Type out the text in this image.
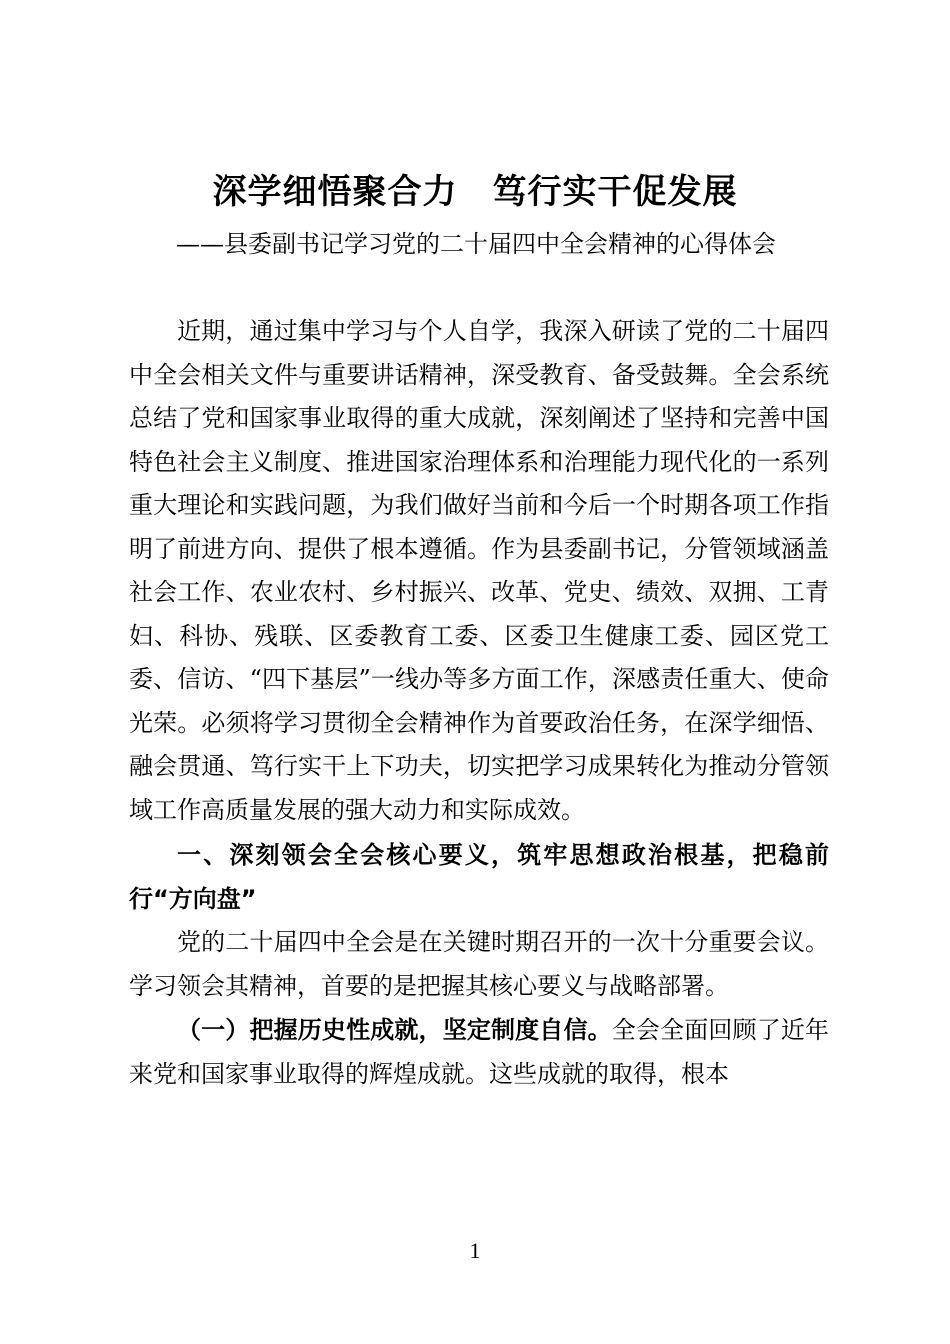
深学细悟聚合力　笃行实干促发展
——县委副书记学习党的二十届四中全会精神的心得体会

近期，通过集中学习与个人自学，我深入研读了党的二十届四中全会相关文件与重要讲话精神，深受教育、备受鼓舞。全会系统总结了党和国家事业取得的重大成就，深刻阐述了坚持和完善中国特色社会主义制度、推进国家治理体系和治理能力现代化的一系列重大理论和实践问题，为我们做好当前和今后一个时期各项工作指明了前进方向、提供了根本遵循。作为县委副书记，分管领域涵盖社会工作、农业农村、乡村振兴、改革、党史、绩效、双拥、工青妇、科协、残联、区委教育工委、区委卫生健康工委、园区党工委、信访、“四下基层”一线办等多方面工作，深感责任重大、使命光荣。必须将学习贯彻全会精神作为首要政治任务，在深学细悟、融会贯通、笃行实干上下功夫，切实把学习成果转化为推动分管领域工作高质量发展的强大动力和实际成效。

一、深刻领会全会核心要义，筑牢思想政治根基，把稳前行“方向盘”

党的二十届四中全会是在关键时期召开的一次十分重要会议。学习领会其精神，首要的是把握其核心要义与战略部署。

（一）把握历史性成就，坚定制度自信。全会全面回顾了近年来党和国家事业取得的辉煌成就。这些成就的取得，根本

1
